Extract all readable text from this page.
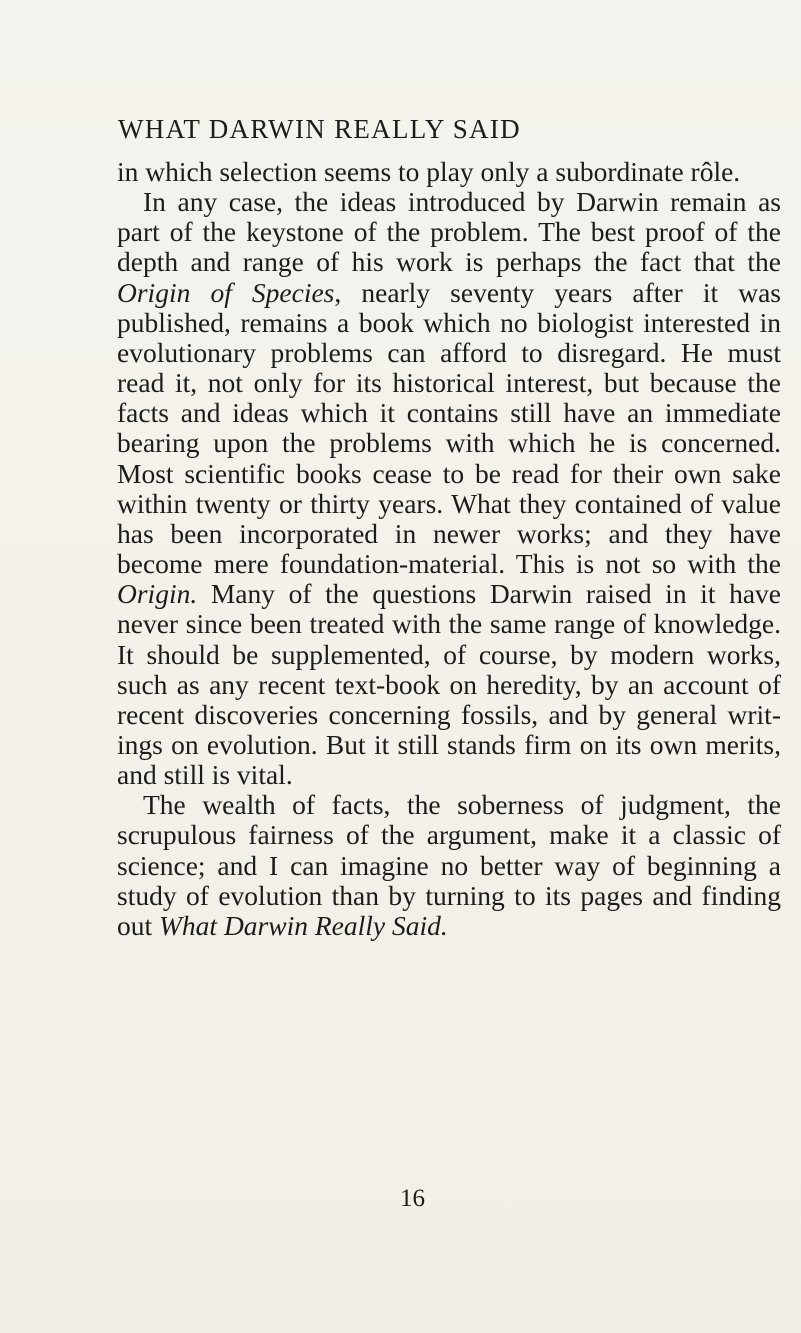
WHAT DARWIN REALLY SAID

in which selection seems to play only a subordinate rôle.

In any case, the ideas introduced by Darwin remain as part of the keystone of the problem. The best proof of the depth and range of his work is perhaps the fact that the Origin of Species, nearly seventy years after it was published, remains a book which no biologist interested in evolutionary problems can afford to disregard. He must read it, not only for its historical interest, but because the facts and ideas which it contains still have an immediate bearing upon the problems with which he is concerned. Most scientific books cease to be read for their own sake within twenty or thirty years. What they contained of value has been incorporated in newer works; and they have become mere foundation-material. This is not so with the Origin. Many of the questions Darwin raised in it have never since been treated with the same range of knowledge. It should be supplemented, of course, by modern works, such as any recent text-book on heredity, by an account of recent discoveries concerning fossils, and by general writings on evolution. But it still stands firm on its own merits, and still is vital.

The wealth of facts, the soberness of judgment, the scrupulous fairness of the argument, make it a classic of science; and I can imagine no better way of beginning a study of evolution than by turning to its pages and finding out What Darwin Really Said.

16
